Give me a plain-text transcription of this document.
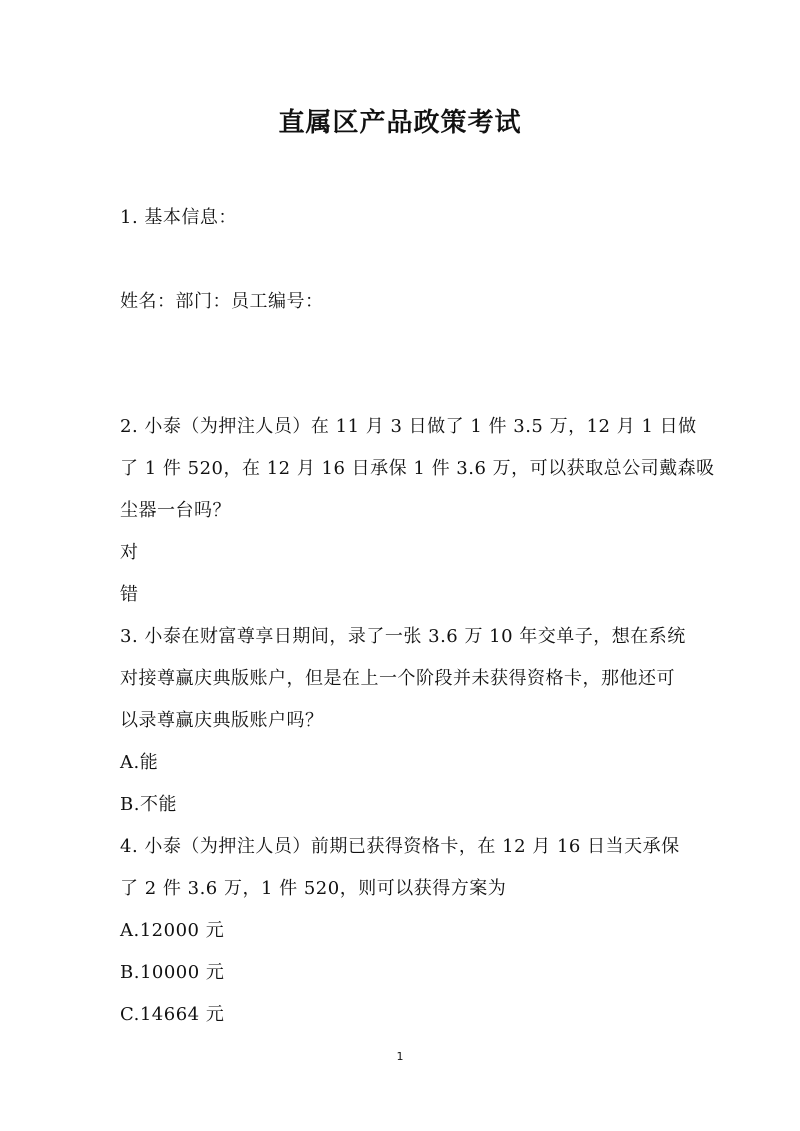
直属区产品政策考试
1. 基本信息：
姓名：部门：员工编号：
2. 小泰（为押注人员）在 11 月 3 日做了 1 件 3.5 万，12 月 1 日做
了 1 件 520，在 12 月 16 日承保 1 件 3.6 万，可以获取总公司戴森吸
尘器一台吗？
对
错
3. 小泰在财富尊享日期间，录了一张 3.6 万 10 年交单子，想在系统
对接尊赢庆典版账户，但是在上一个阶段并未获得资格卡，那他还可
以录尊赢庆典版账户吗？
A.能
B.不能
4. 小泰（为押注人员）前期已获得资格卡，在 12 月 16 日当天承保
了 2 件 3.6 万，1 件 520，则可以获得方案为
A.12000 元
B.10000 元
C.14664 元
1
